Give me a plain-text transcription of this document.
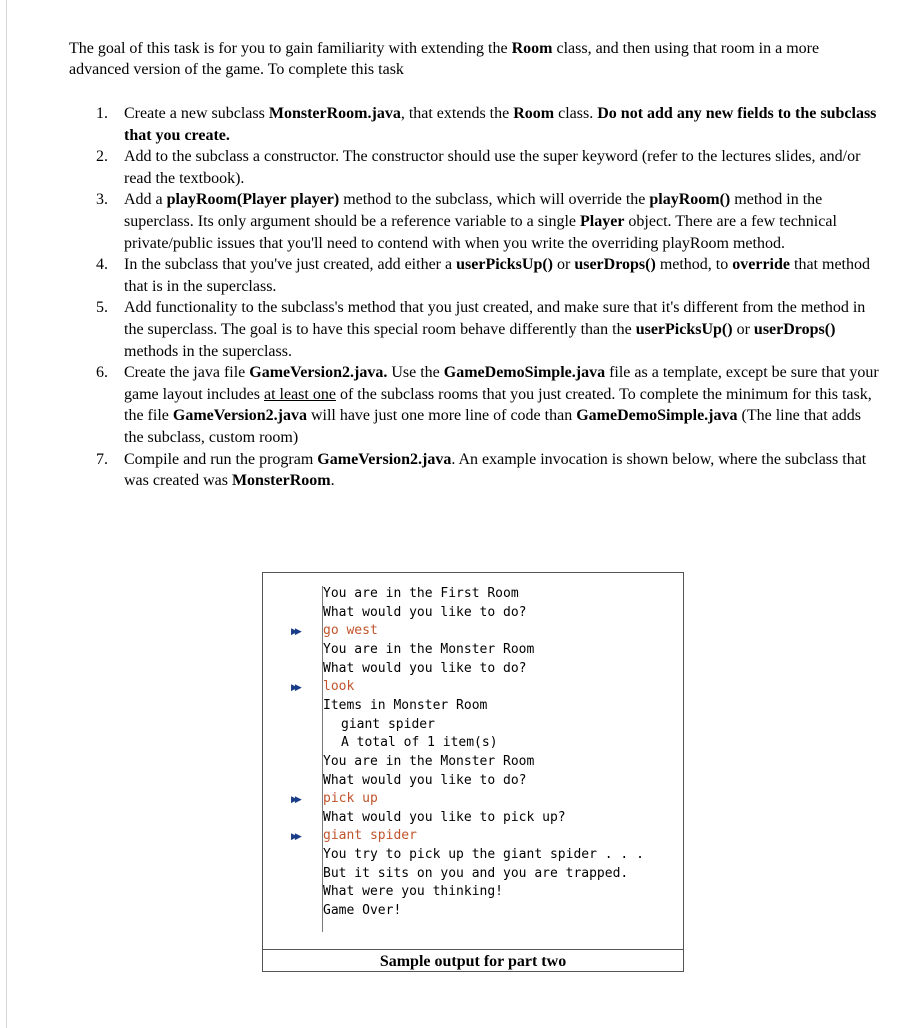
The goal of this task is for you to gain familiarity with extending the Room class, and then using that room in a more advanced version of the game. To complete this task

1. Create a new subclass MonsterRoom.java, that extends the Room class. Do not add any new fields to the subclass that you create.
2. Add to the subclass a constructor. The constructor should use the super keyword (refer to the lectures slides, and/or read the textbook).
3. Add a playRoom(Player player) method to the subclass, which will override the playRoom() method in the superclass. Its only argument should be a reference variable to a single Player object. There are a few technical private/public issues that you'll need to contend with when you write the overriding playRoom method.
4. In the subclass that you've just created, add either a userPicksUp() or userDrops() method, to override that method that is in the superclass.
5. Add functionality to the subclass's method that you just created, and make sure that it's different from the method in the superclass. The goal is to have this special room behave differently than the userPicksUp() or userDrops() methods in the superclass.
6. Create the java file GameVersion2.java. Use the GameDemoSimple.java file as a template, except be sure that your game layout includes at least one of the subclass rooms that you just created. To complete the minimum for this task, the file GameVersion2.java will have just one more line of code than GameDemoSimple.java (The line that adds the subclass, custom room)
7. Compile and run the program GameVersion2.java. An example invocation is shown below, where the subclass that was created was MonsterRoom.
You are in the First Room
What would you like to do?
▶▶	go west
You are in the Monster Room
What would you like to do?
▶▶	look
Items in Monster Room
giant spider
A total of 1 item(s)
You are in the Monster Room
What would you like to do?
▶▶	pick up
What would you like to pick up?
▶▶	giant spider
You try to pick up the giant spider . . .
But it sits on you and you are trapped.
What were you thinking!
Game Over!
Sample output for part two
